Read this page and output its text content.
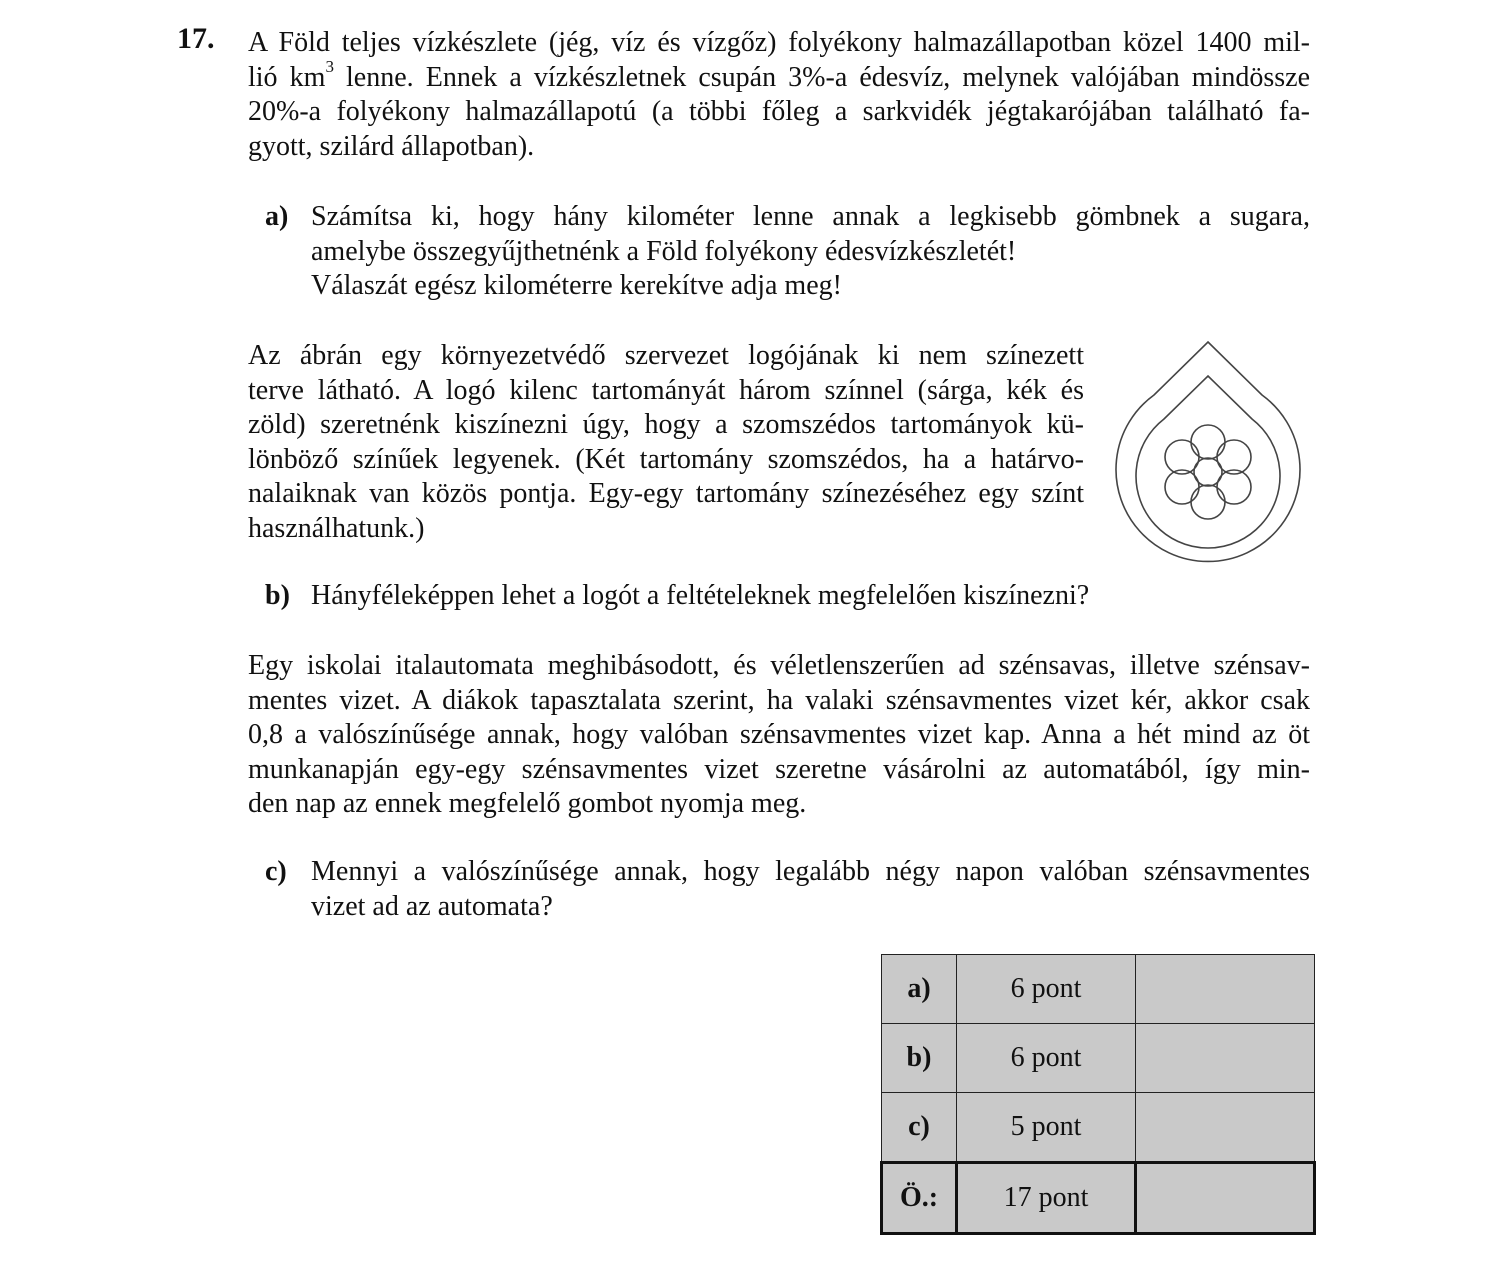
17. A Föld teljes vízkészlete (jég, víz és vízgőz) folyékony halmazállapotban közel 1400 mil-
lió $km^3$ lenne. Ennek a vízkészletnek csupán 3%-a édesvíz, melynek valójában mindössze
20%-a folyékony halmazállapotú (a többi főleg a sarkvidék jégtakarójában található fa-
gyott, szilárd állapotban).
a) Számítsa ki, hogy hány kilométer lenne annak a legkisebb gömbnek a sugara,
amelybe összegyűjthetnénk a Föld folyékony édesvízkészletét!
Válaszát egész kilométerre kerekítve adja meg!
Az ábrán egy környezetvédő szervezet logójának ki nem színezett
terve látható. A logó kilenc tartományát három színnel (sárga, kék és
zöld) szeretnénk kiszínezni úgy, hogy a szomszédos tartományok kü-
lönböző színűek legyenek. (Két tartomány szomszédos, ha a határvo-
nalaiknak van közös pontja. Egy-egy tartomány színezéséhez egy színt
használhatunk.)
b) Hányféleképpen lehet a logót a feltételeknek megfelelően kiszínezni?
Egy iskolai italautomata meghibásodott, és véletlenszerűen ad szénsavas, illetve szénsav-
mentes vizet. A diákok tapasztalata szerint, ha valaki szénsavmentes vizet kér, akkor csak
0,8 a valószínűsége annak, hogy valóban szénsavmentes vizet kap. Anna a hét mind az öt
munkanapján egy-egy szénsavmentes vizet szeretne vásárolni az automatából, így min-
den nap az ennek megfelelő gombot nyomja meg.
c) Mennyi a valószínűsége annak, hogy legalább négy napon valóban szénsavmentes
vizet ad az automata?
a)	6 pont	
b)	6 pont	
c)	5 pont	
Ö.:	17 pont	
